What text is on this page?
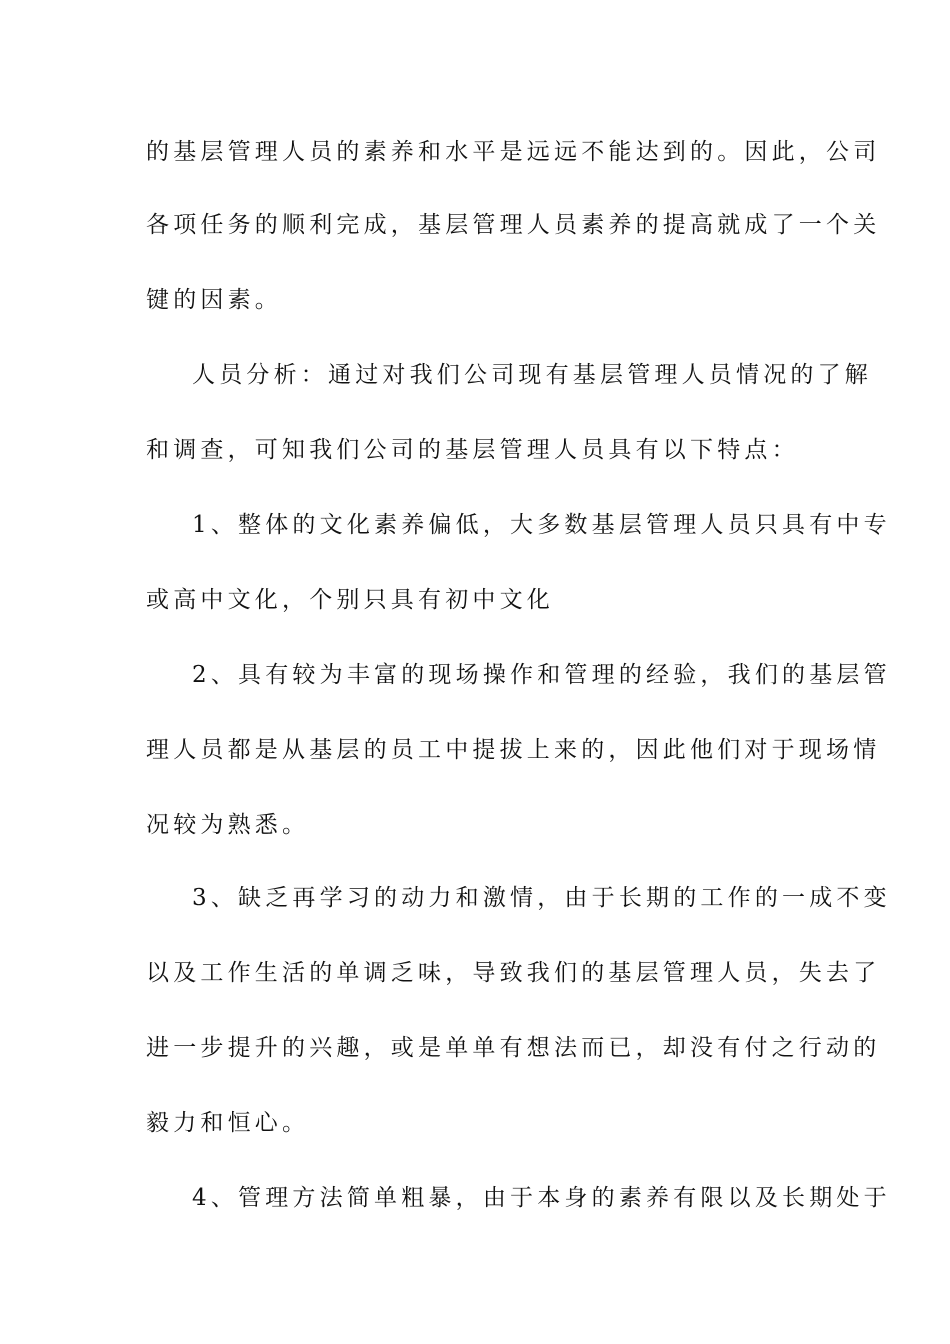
的基层管理人员的素养和水平是远远不能达到的。因此，公司
各项任务的顺利完成，基层管理人员素养的提高就成了一个关
键的因素。
人员分析：通过对我们公司现有基层管理人员情况的了解
和调查，可知我们公司的基层管理人员具有以下特点：
1、整体的文化素养偏低，大多数基层管理人员只具有中专
或高中文化，个别只具有初中文化
2、具有较为丰富的现场操作和管理的经验，我们的基层管
理人员都是从基层的员工中提拔上来的，因此他们对于现场情
况较为熟悉。
3、缺乏再学习的动力和激情，由于长期的工作的一成不变
以及工作生活的单调乏味，导致我们的基层管理人员，失去了
进一步提升的兴趣，或是单单有想法而已，却没有付之行动的
毅力和恒心。
4、管理方法简单粗暴，由于本身的素养有限以及长期处于
